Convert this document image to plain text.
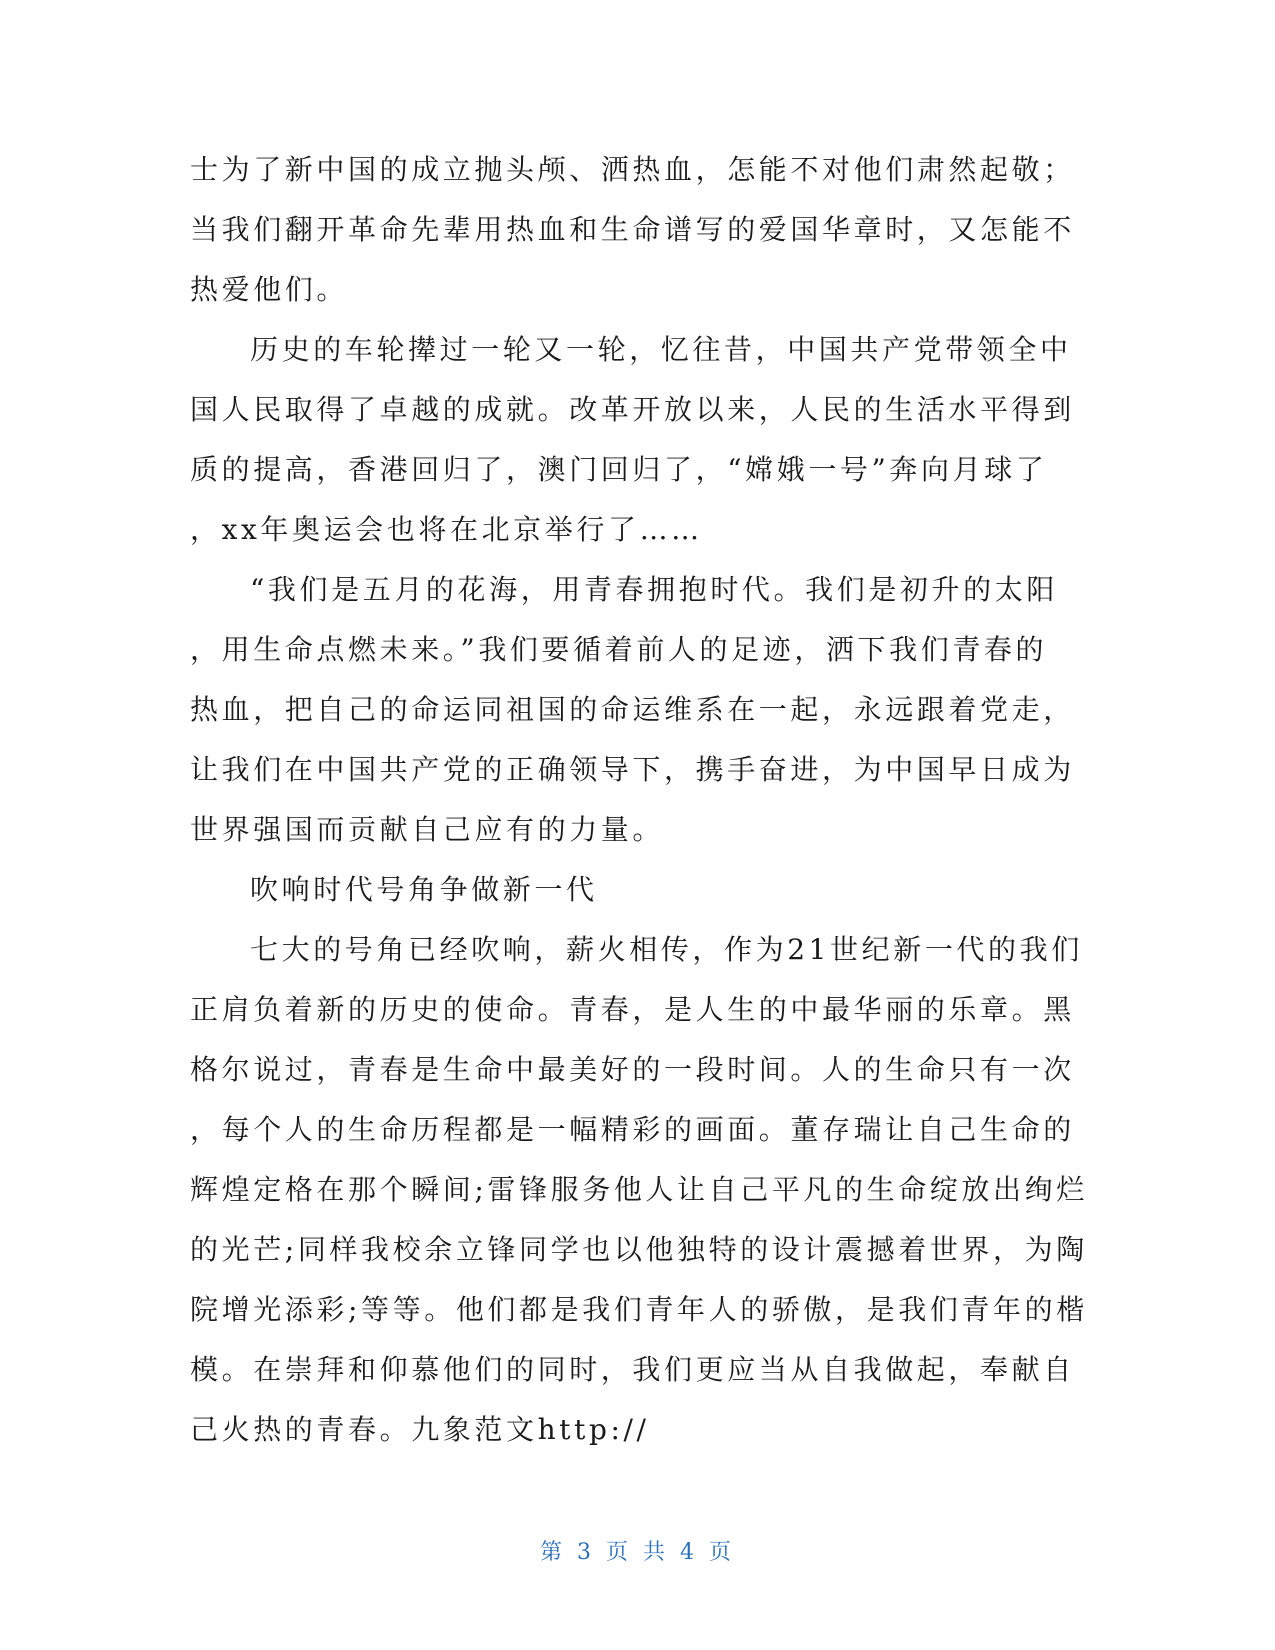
士为了新中国的成立抛头颅、洒热血，怎能不对他们肃然起敬；
当我们翻开革命先辈用热血和生命谱写的爱国华章时，又怎能不
热爱他们。
历史的车轮撵过一轮又一轮，忆往昔，中国共产党带领全中
国人民取得了卓越的成就。改革开放以来，人民的生活水平得到
质的提高，香港回归了，澳门回归了，“嫦娥一号”奔向月球了
，xx年奥运会也将在北京举行了……
“我们是五月的花海，用青春拥抱时代。我们是初升的太阳
，用生命点燃未来。”我们要循着前人的足迹，洒下我们青春的
热血，把自己的命运同祖国的命运维系在一起，永远跟着党走，
让我们在中国共产党的正确领导下，携手奋进，为中国早日成为
世界强国而贡献自己应有的力量。
吹响时代号角争做新一代
七大的号角已经吹响，薪火相传，作为21世纪新一代的我们
正肩负着新的历史的使命。青春，是人生的中最华丽的乐章。黑
格尔说过，青春是生命中最美好的一段时间。人的生命只有一次
，每个人的生命历程都是一幅精彩的画面。董存瑞让自己生命的
辉煌定格在那个瞬间;雷锋服务他人让自己平凡的生命绽放出绚烂
的光芒;同样我校余立锋同学也以他独特的设计震撼着世界，为陶
院增光添彩;等等。他们都是我们青年人的骄傲，是我们青年的楷
模。在崇拜和仰慕他们的同时，我们更应当从自我做起，奉献自
己火热的青春。九象范文http://
第 3 页 共 4 页
